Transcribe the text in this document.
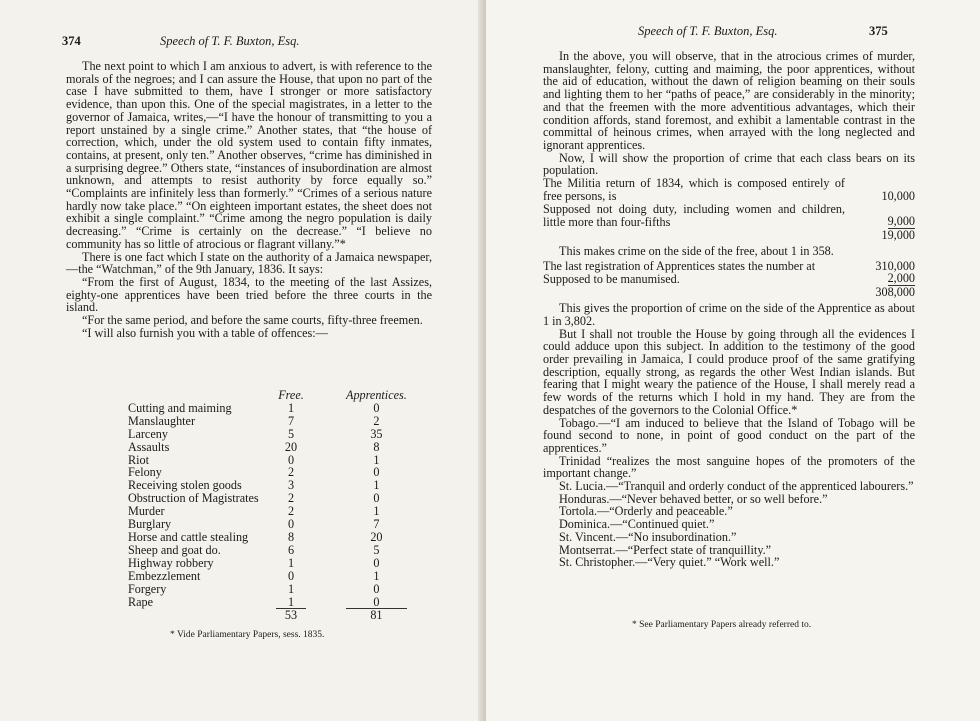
374	Speech of T. F. Buxton, Esq.

The next point to which I am anxious to advert, is with reference to the morals of the negroes; and I can assure the House, that upon no part of the case I have submitted to them, have I stronger or more satisfactory evidence, than upon this. One of the special magistrates, in a letter to the governor of Jamaica, writes,—“I have the honour of transmitting to you a report unstained by a single crime.” Another states, that “the house of correction, which, under the old system used to contain fifty inmates, contains, at present, only ten.” Another observes, “crime has diminished in a surprising degree.” Others state, “instances of insubordination are almost unknown, and attempts to resist authority by force equally so.” “Complaints are infinitely less than formerly.” “Crimes of a serious nature hardly now take place.” “On eighteen important estates, the sheet does not exhibit a single complaint.” “Crime among the negro population is daily decreasing.” “Crime is certainly on the decrease.” “I believe no community has so little of atrocious or flagrant villany.”*

There is one fact which I state on the authority of a Jamaica newspaper,—the “Watchman,” of the 9th January, 1836. It says:

“From the first of August, 1834, to the meeting of the last Assizes, eighty-one apprentices have been tried before the three courts in the island.

“For the same period, and before the same courts, fifty-three freemen.

“I will also furnish you with a table of offences:—

	Free.		Apprentices.
Cutting and maiming	1		0
Manslaughter	7		2
Larceny	5		35
Assaults	20		8
Riot	0		1
Felony	2		0
Receiving stolen goods	3		1
Obstruction of Magistrates	2		0
Murder	2		1
Burglary	0		7
Horse and cattle stealing	8		20
Sheep and goat do.	6		5
Highway robbery	1		0
Embezzlement	0		1
Forgery	1		0
Rape	1		0
	53		81
* Vide Parliamentary Papers, sess. 1835.
Speech of T. F. Buxton, Esq.	375

In the above, you will observe, that in the atrocious crimes of murder, manslaughter, felony, cutting and maiming, the poor apprentices, without the aid of education, without the dawn of religion beaming on their souls and lighting them to her “paths of peace,” are considerably in the minority; and that the freemen with the more adventitious advantages, which their condition affords, stand foremost, and exhibit a lamentable contrast in the committal of heinous crimes, when arrayed with the long neglected and ignorant apprentices.

Now, I will show the proportion of crime that each class bears on its population.

The Militia return of 1834, which is composed entirely of free persons, is	10,000
Supposed not doing duty, including women and children, little more than four-fifths	9,000
19,000

This makes crime on the side of the free, about 1 in 358.

The last registration of Apprentices states the number at	310,000
Supposed to be manumised.	2,000
308,000

This gives the proportion of crime on the side of the Apprentice as about 1 in 3,802.

But I shall not trouble the House by going through all the evidences I could adduce upon this subject. In addition to the testimony of the good order prevailing in Jamaica, I could produce proof of the same gratifying description, equally strong, as regards the other West Indian islands. But fearing that I might weary the patience of the House, I shall merely read a few words of the returns which I hold in my hand. They are from the despatches of the governors to the Colonial Office.*

Tobago.—“I am induced to believe that the Island of Tobago will be found second to none, in point of good conduct on the part of the apprentices.”

Trinidad “realizes the most sanguine hopes of the promoters of the important change.”

St. Lucia.—“Tranquil and orderly conduct of the apprenticed labourers.”

Honduras.—“Never behaved better, or so well before.”

Tortola.—“Orderly and peaceable.”

Dominica.—“Continued quiet.”

St. Vincent.—“No insubordination.”

Montserrat.—“Perfect state of tranquillity.”

St. Christopher.—“Very quiet.” “Work well.”

* See Parliamentary Papers already referred to.
